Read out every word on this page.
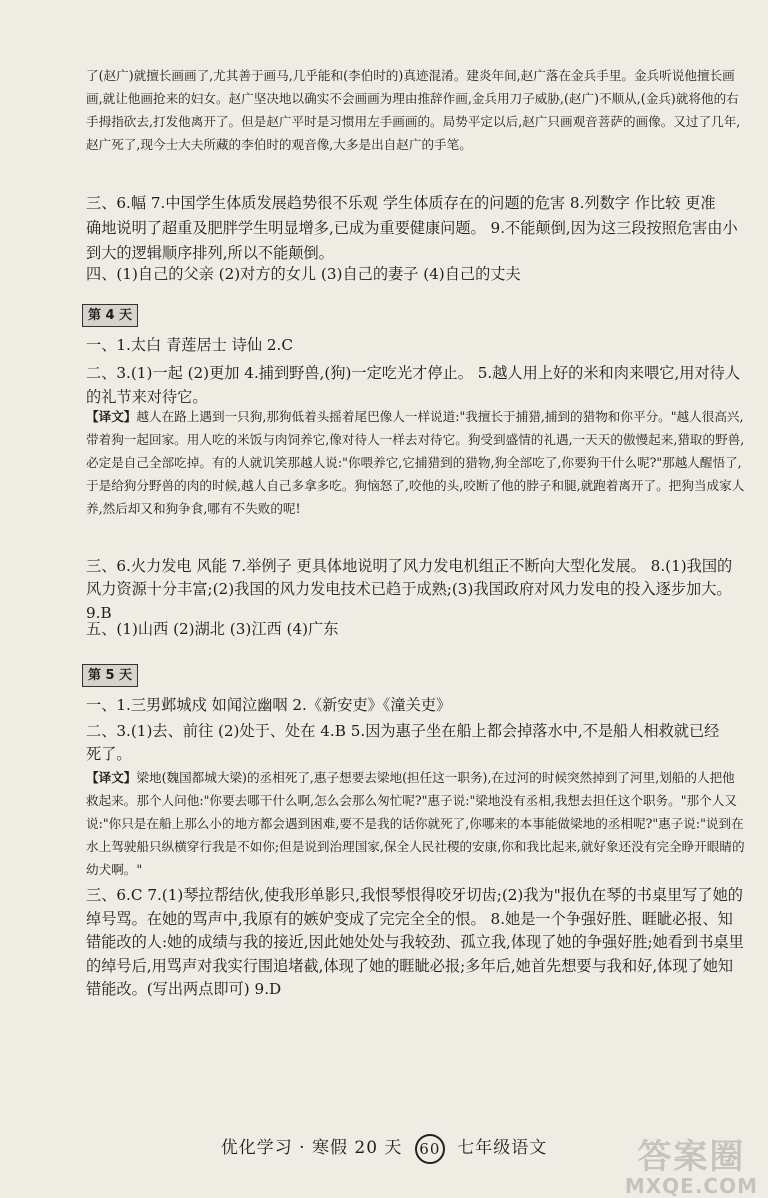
了(赵广)就擅长画画了,尤其善于画马,几乎能和(李伯时的)真迹混淆。建炎年间,赵广落在金兵手里。金兵听说他擅长画画,就让他画抢来的妇女。赵广坚决地以确实不会画画为理由推辞作画,金兵用刀子威胁,(赵广)不顺从,(金兵)就将他的右手拇指砍去,打发他离开了。但是赵广平时是习惯用左手画画的。局势平定以后,赵广只画观音菩萨的画像。又过了几年,赵广死了,现今士大夫所藏的李伯时的观音像,大多是出自赵广的手笔。
三、6.幅 7.中国学生体质发展趋势很不乐观 学生体质存在的问题的危害 8.列数字 作比较 更准
确地说明了超重及肥胖学生明显增多,已成为重要健康问题。 9.不能颠倒,因为这三段按照危害由小
到大的逻辑顺序排列,所以不能颠倒。
四、(1)自己的父亲 (2)对方的女儿 (3)自己的妻子 (4)自己的丈夫
第 4 天
一、1.太白 青莲居士 诗仙 2.C
二、3.(1)一起 (2)更加 4.捕到野兽,(狗)一定吃光才停止。 5.越人用上好的米和肉来喂它,用对待人
的礼节来对待它。
【译文】越人在路上遇到一只狗,那狗低着头摇着尾巴像人一样说道:"我擅长于捕猎,捕到的猎物和你平分。"越人很高兴,带着狗一起回家。用人吃的米饭与肉饲养它,像对待人一样去对待它。狗受到盛情的礼遇,一天天的傲慢起来,猎取的野兽,必定是自己全部吃掉。有的人就讥笑那越人说:"你喂养它,它捕猎到的猎物,狗全部吃了,你要狗干什么呢?"那越人醒悟了,于是给狗分野兽的肉的时候,越人自己多拿多吃。狗恼怒了,咬他的头,咬断了他的脖子和腿,就跑着离开了。把狗当成家人养,然后却又和狗争食,哪有不失败的呢!
三、6.火力发电 风能 7.举例子 更具体地说明了风力发电机组正不断向大型化发展。 8.(1)我国的
风力资源十分丰富;(2)我国的风力发电技术已趋于成熟;(3)我国政府对风力发电的投入逐步加大。
9.B
五、(1)山西 (2)湖北 (3)江西 (4)广东
第 5 天
一、1.三男邺城戍 如闻泣幽咽 2.《新安吏》《潼关吏》
二、3.(1)去、前往 (2)处于、处在 4.B 5.因为惠子坐在船上都会掉落水中,不是船人相救就已经
死了。
【译文】梁地(魏国都城大梁)的丞相死了,惠子想要去梁地(担任这一职务),在过河的时候突然掉到了河里,划船的人把他救起来。那个人问他:"你要去哪干什么啊,怎么会那么匆忙呢?"惠子说:"梁地没有丞相,我想去担任这个职务。"那个人又说:"你只是在船上那么小的地方都会遇到困难,要不是我的话你就死了,你哪来的本事能做梁地的丞相呢?"惠子说:"说到在水上驾驶船只纵横穿行我是不如你;但是说到治理国家,保全人民社稷的安康,你和我比起来,就好象还没有完全睁开眼睛的幼犬啊。"
三、6.C 7.(1)琴拉帮结伙,使我形单影只,我恨琴恨得咬牙切齿;(2)我为"报仇在琴的书桌里写了她的绰号骂。在她的骂声中,我原有的嫉妒变成了完完全全的恨。 8.她是一个争强好胜、睚眦必报、知错能改的人:她的成绩与我的接近,因此她处处与我较劲、孤立我,体现了她的争强好胜;她看到书桌里的绰号后,用骂声对我实行围追堵截,体现了她的睚眦必报;多年后,她首先想要与我和好,体现了她知错能改。(写出两点即可) 9.D
优化学习 · 寒假 20 天 60 七年级语文	答案圈
MXQE.COM
